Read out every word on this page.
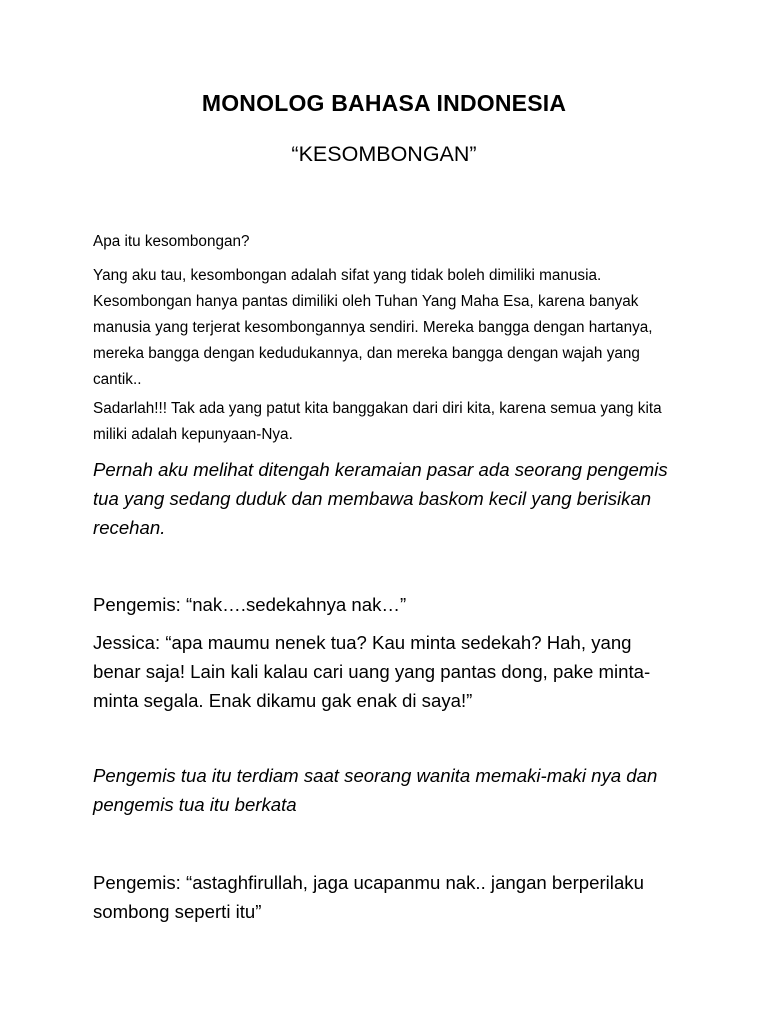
MONOLOG BAHASA INDONESIA
“KESOMBONGAN”

Apa itu kesombongan?

Yang aku tau, kesombongan adalah sifat yang tidak boleh dimiliki manusia. Kesombongan hanya pantas dimiliki oleh Tuhan Yang Maha Esa, karena banyak manusia yang terjerat kesombongannya sendiri. Mereka bangga dengan hartanya, mereka bangga dengan kedudukannya, dan mereka bangga dengan wajah yang cantik..

Sadarlah!!! Tak ada yang patut kita banggakan dari diri kita, karena semua yang kita miliki adalah kepunyaan-Nya.

Pernah aku melihat ditengah keramaian pasar ada seorang pengemis tua yang sedang duduk dan membawa baskom kecil yang berisikan recehan.

Pengemis: “nak….sedekahnya nak…”

Jessica: “apa maumu nenek tua? Kau minta sedekah? Hah, yang benar saja! Lain kali kalau cari uang yang pantas dong, pake minta-minta segala. Enak dikamu gak enak di saya!”

Pengemis tua itu terdiam saat seorang wanita memaki-maki nya dan pengemis tua itu berkata

Pengemis: “astaghfirullah, jaga ucapanmu nak.. jangan berperilaku sombong seperti itu”
